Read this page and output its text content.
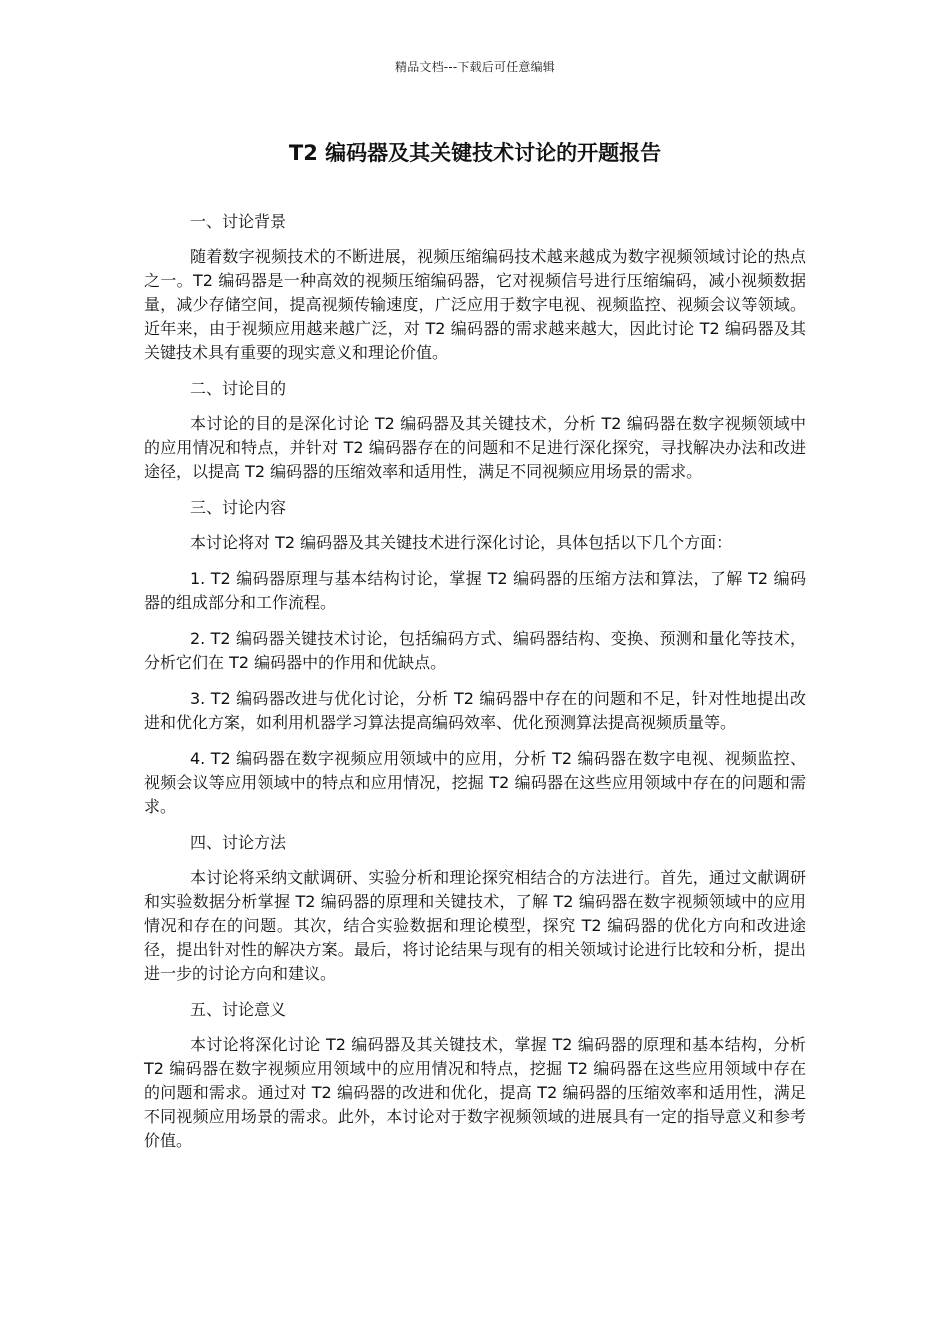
精品文档---下载后可任意编辑
T2 编码器及其关键技术讨论的开题报告
一、讨论背景
随着数字视频技术的不断进展，视频压缩编码技术越来越成为数字视频领域讨论的热点之一。T2 编码器是一种高效的视频压缩编码器，它对视频信号进行压缩编码，减小视频数据量，减少存储空间，提高视频传输速度，广泛应用于数字电视、视频监控、视频会议等领域。近年来，由于视频应用越来越广泛，对 T2 编码器的需求越来越大，因此讨论 T2 编码器及其关键技术具有重要的现实意义和理论价值。
二、讨论目的
本讨论的目的是深化讨论 T2 编码器及其关键技术，分析 T2 编码器在数字视频领域中的应用情况和特点，并针对 T2 编码器存在的问题和不足进行深化探究，寻找解决办法和改进途径，以提高 T2 编码器的压缩效率和适用性，满足不同视频应用场景的需求。
三、讨论内容
本讨论将对 T2 编码器及其关键技术进行深化讨论，具体包括以下几个方面：
1. T2 编码器原理与基本结构讨论，掌握 T2 编码器的压缩方法和算法，了解 T2 编码器的组成部分和工作流程。
2. T2 编码器关键技术讨论，包括编码方式、编码器结构、变换、预测和量化等技术，分析它们在 T2 编码器中的作用和优缺点。
3. T2 编码器改进与优化讨论，分析 T2 编码器中存在的问题和不足，针对性地提出改进和优化方案，如利用机器学习算法提高编码效率、优化预测算法提高视频质量等。
4. T2 编码器在数字视频应用领域中的应用，分析 T2 编码器在数字电视、视频监控、视频会议等应用领域中的特点和应用情况，挖掘 T2 编码器在这些应用领域中存在的问题和需求。
四、讨论方法
本讨论将采纳文献调研、实验分析和理论探究相结合的方法进行。首先，通过文献调研和实验数据分析掌握 T2 编码器的原理和关键技术，了解 T2 编码器在数字视频领域中的应用情况和存在的问题。其次，结合实验数据和理论模型，探究 T2 编码器的优化方向和改进途径，提出针对性的解决方案。最后，将讨论结果与现有的相关领域讨论进行比较和分析，提出进一步的讨论方向和建议。
五、讨论意义
本讨论将深化讨论 T2 编码器及其关键技术，掌握 T2 编码器的原理和基本结构，分析 T2 编码器在数字视频应用领域中的应用情况和特点，挖掘 T2 编码器在这些应用领域中存在的问题和需求。通过对 T2 编码器的改进和优化，提高 T2 编码器的压缩效率和适用性，满足不同视频应用场景的需求。此外，本讨论对于数字视频领域的进展具有一定的指导意义和参考价值。
